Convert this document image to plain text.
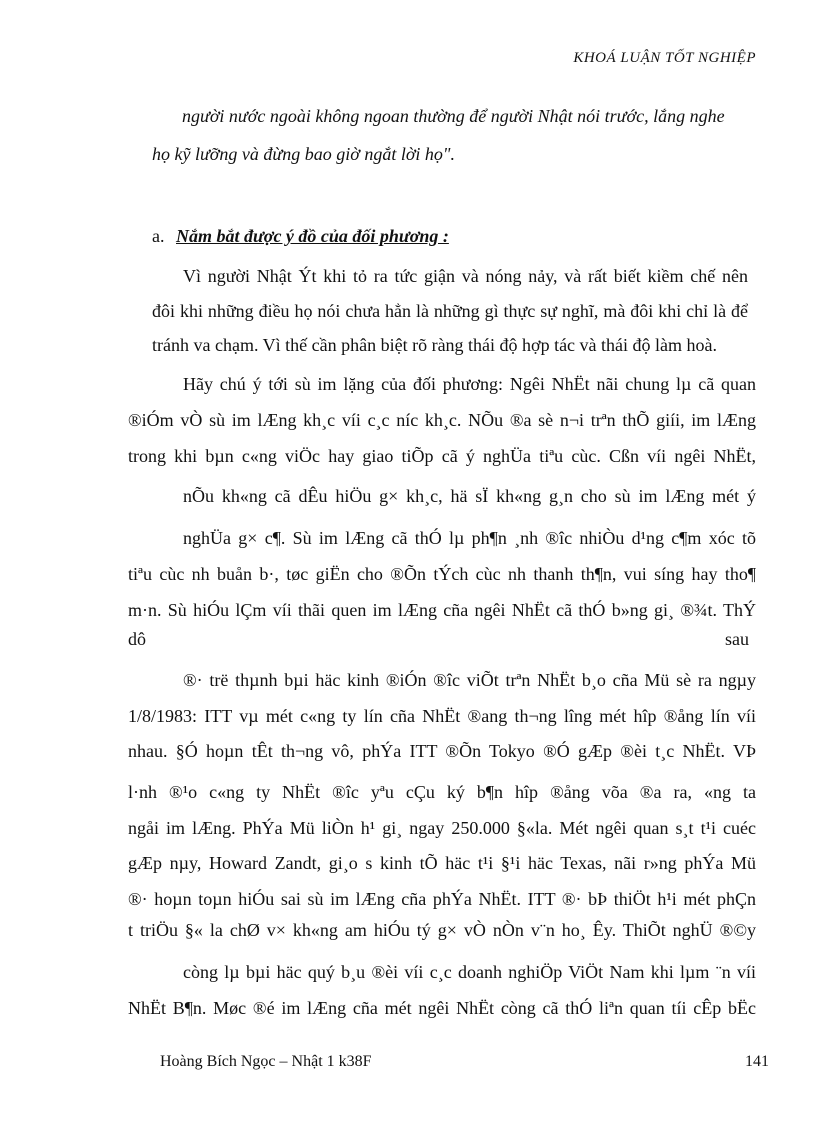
KHOÁ LUẬN TỐT NGHIỆP
người nước ngoài không ngoan thường để người Nhật nói trước, lắng nghe
họ kỹ lưỡng và đừng bao giờ ngắt lời họ".
a. Nắm bắt được ý đồ của đối phương :
Vì người Nhật Ýt khi tỏ ra tức giận và nóng nảy, và rất biết kiềm chế nên
đôi khi những điều họ nói chưa hẳn là những gì thực sự nghĩ, mà đôi khi chỉ là để
tránh va chạm. Vì thế cần phân biệt rõ ràng thái độ hợp tác và thái độ làm hoà.
Hãy chú ý tới sù im lặng của đối phương: Ngêi NhËt nãi chung lµ cã quan
®iÓm vÒ sù im lÆng kh¸c víi c¸c níc kh¸c. NÕu ®a sè n¬i trªn thÕ giíi, im lÆng
trong khi bµn c«ng viÖc hay giao tiÕp cã ý nghÜa tiªu cùc. Cßn víi ngêi NhËt,
nÕu kh«ng cã dÊu hiÖu g× kh¸c, hä sÏ kh«ng g¸n cho sù im lÆng mét ý
nghÜa g× c¶. Sù im lÆng cã thÓ lµ ph¶n ¸nh ®îc nhiÒu d¹ng c¶m xóc tõ
tiªu cùc nh buån b·, tøc giËn cho ®Õn tÝch cùc nh thanh th¶n, vui síng hay tho¶
m·n. Sù hiÓu lÇm víi thãi quen im lÆng cña ngêi NhËt cã thÓ b»ng gi¸ ®¾t. ThÝ
dô	sau
®· trë thµnh bµi häc kinh ®iÓn ®îc viÕt trªn NhËt b¸o cña Mü sè ra ngµy
1/8/1983: ITT vµ mét c«ng ty lín cña NhËt ®ang th¬ng lîng mét hîp ®ång lín víi
nhau. §Ó hoµn tÊt th¬ng vô, phÝa ITT ®Õn Tokyo ®Ó gÆp ®èi t¸c NhËt. VÞ
l·nh ®¹o c«ng ty NhËt ®îc yªu cÇu ký b¶n hîp ®ång võa ®a ra, «ng ta
ngåi im lÆng. PhÝa Mü liÒn h¹ gi¸ ngay 250.000 §«la. Mét ngêi quan s¸t t¹i cuéc
gÆp nµy, Howard Zandt, gi¸o s kinh tÕ häc t¹i §¹i häc Texas, nãi r»ng phÝa Mü
®· hoµn toµn hiÓu sai sù im lÆng cña phÝa NhËt. ITT ®· bÞ thiÖt h¹i mét phÇn
t triÖu §« la chØ v× kh«ng am hiÓu tý g× vÒ nÒn v¨n ho¸ Êy. ThiÕt nghÜ ®©y
còng lµ bµi häc quý b¸u ®èi víi c¸c doanh nghiÖp ViÖt Nam khi lµm ¨n víi
NhËt B¶n. Møc ®é im lÆng cña mét ngêi NhËt còng cã thÓ liªn quan tíi cÊp bËc
Hoàng Bích Ngọc – Nhật 1 k38F	141
